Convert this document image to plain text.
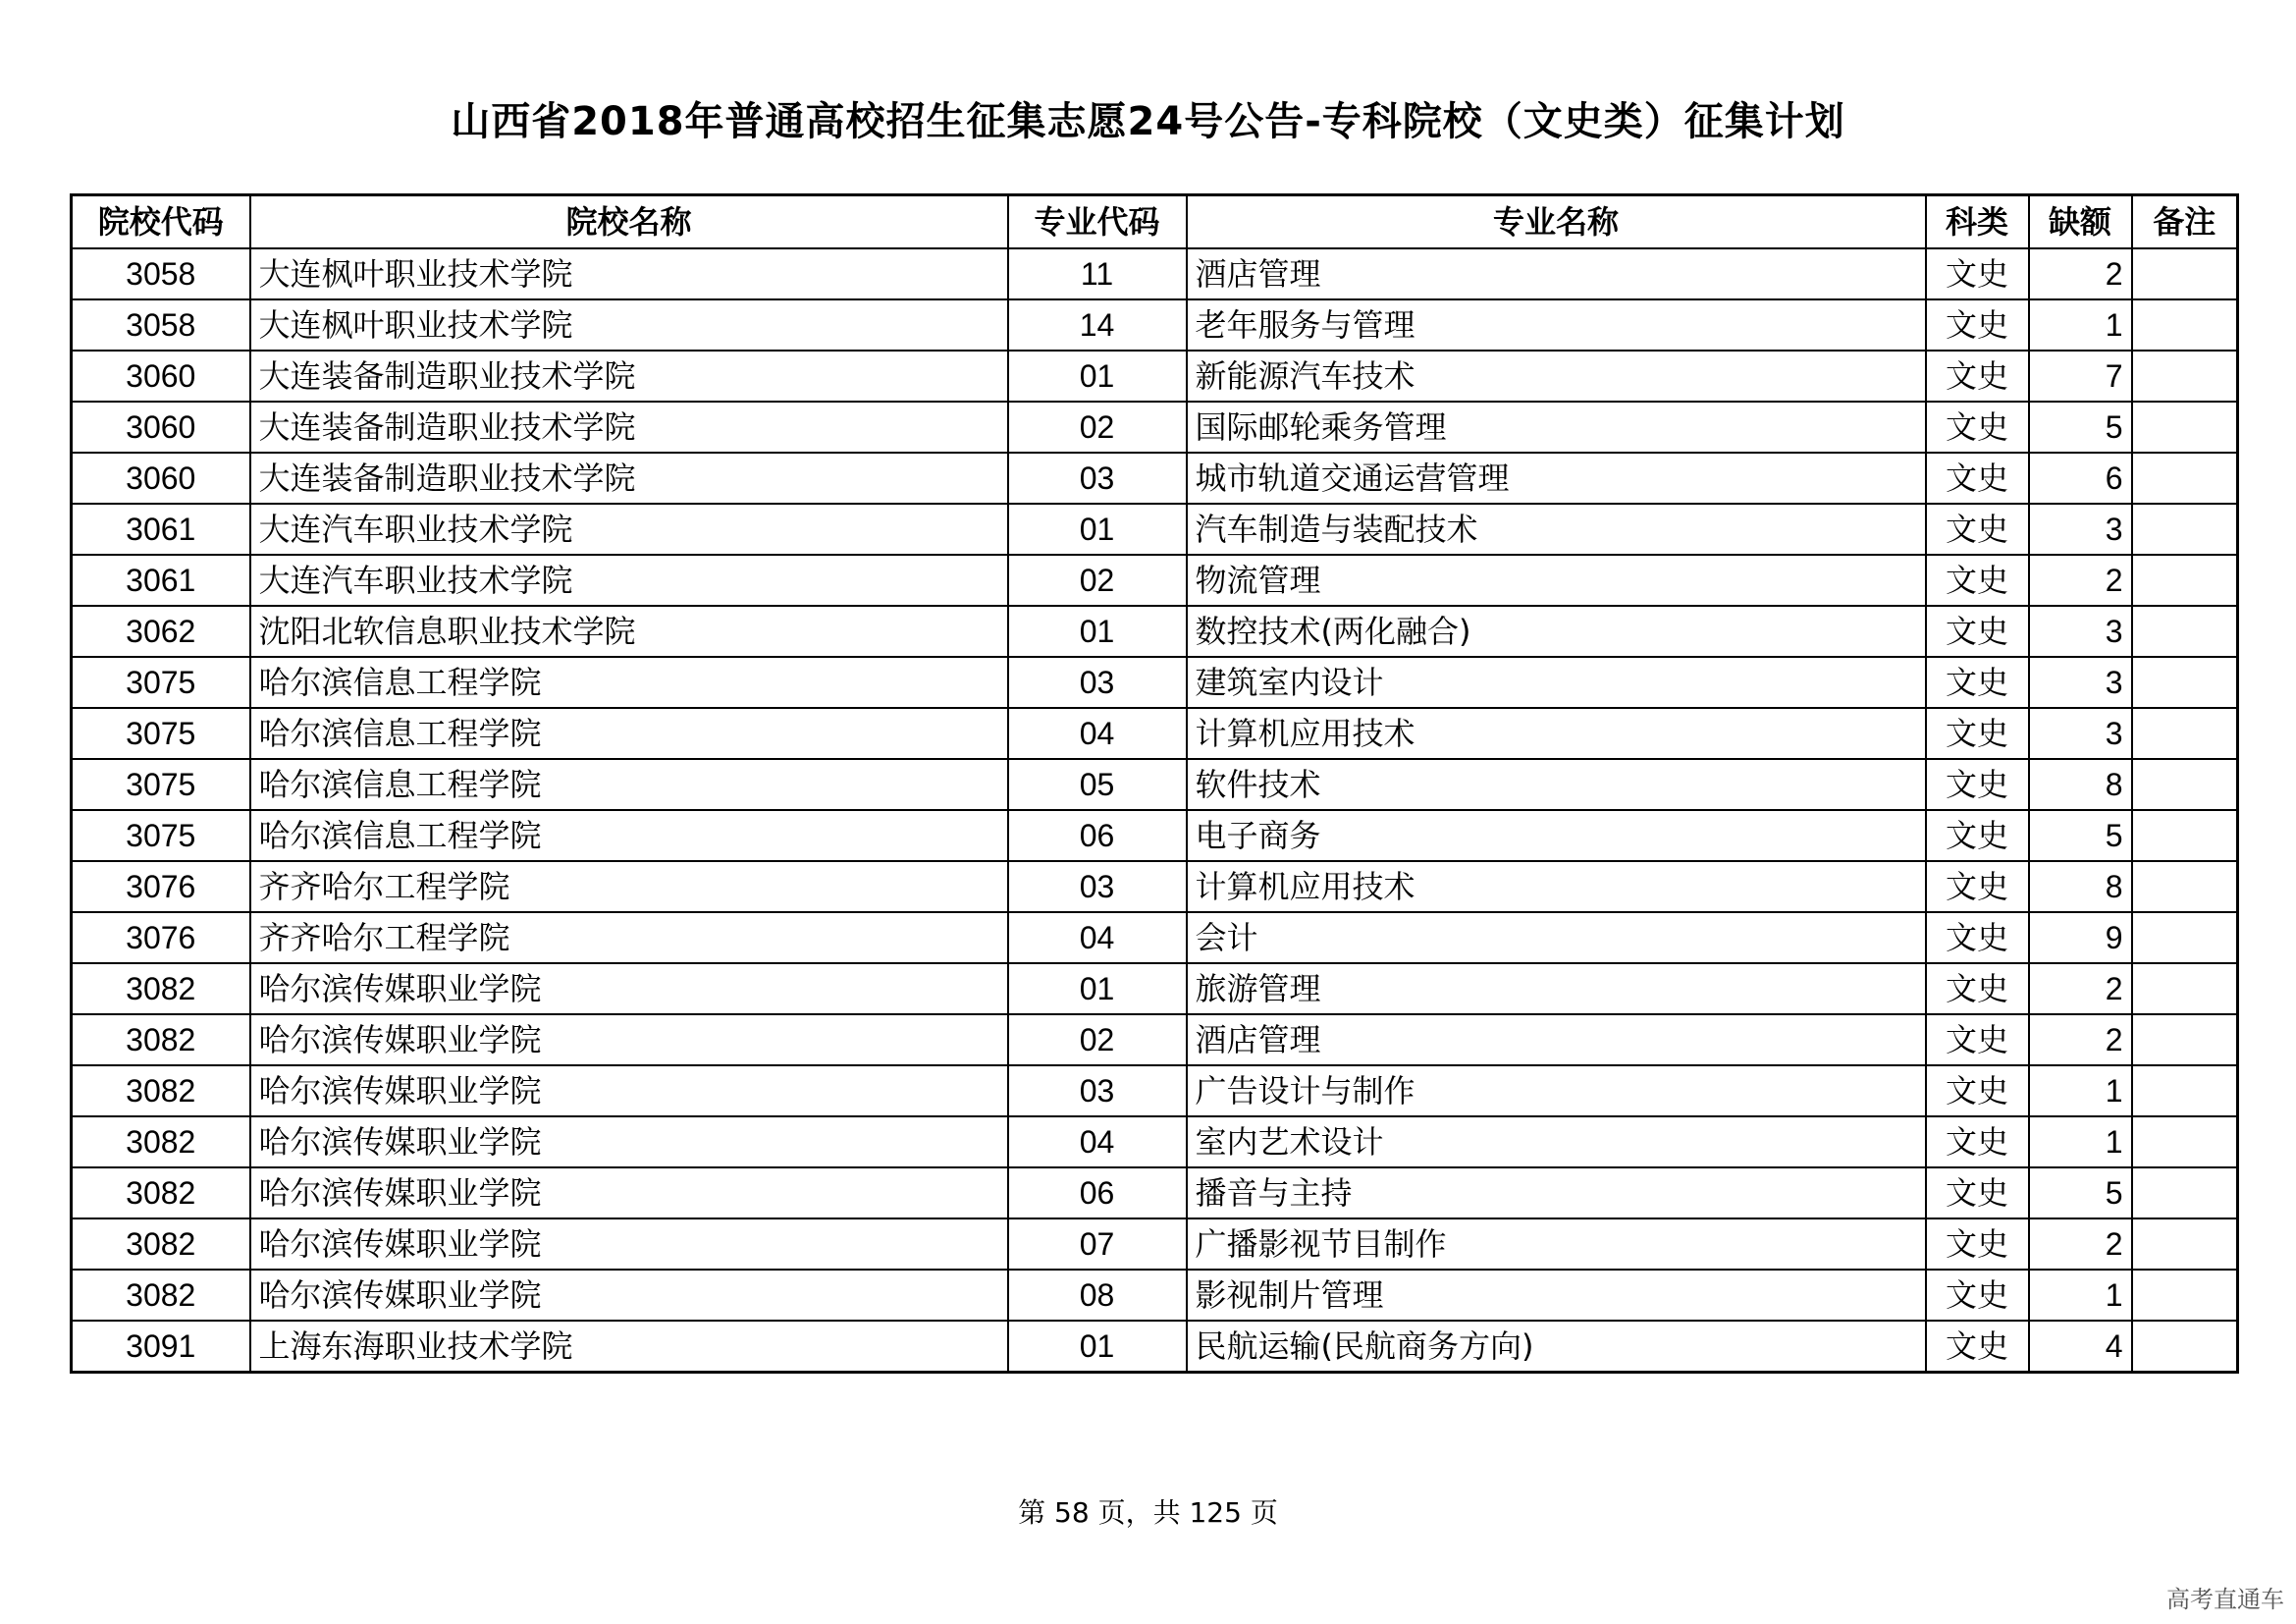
山西省2018年普通高校招生征集志愿24号公告-专科院校（文史类）征集计划
院校代码	院校名称	专业代码	专业名称	科类	缺额	备注
3058	大连枫叶职业技术学院	11	酒店管理	文史	2	
3058	大连枫叶职业技术学院	14	老年服务与管理	文史	1	
3060	大连装备制造职业技术学院	01	新能源汽车技术	文史	7	
3060	大连装备制造职业技术学院	02	国际邮轮乘务管理	文史	5	
3060	大连装备制造职业技术学院	03	城市轨道交通运营管理	文史	6	
3061	大连汽车职业技术学院	01	汽车制造与装配技术	文史	3	
3061	大连汽车职业技术学院	02	物流管理	文史	2	
3062	沈阳北软信息职业技术学院	01	数控技术(两化融合)	文史	3	
3075	哈尔滨信息工程学院	03	建筑室内设计	文史	3	
3075	哈尔滨信息工程学院	04	计算机应用技术	文史	3	
3075	哈尔滨信息工程学院	05	软件技术	文史	8	
3075	哈尔滨信息工程学院	06	电子商务	文史	5	
3076	齐齐哈尔工程学院	03	计算机应用技术	文史	8	
3076	齐齐哈尔工程学院	04	会计	文史	9	
3082	哈尔滨传媒职业学院	01	旅游管理	文史	2	
3082	哈尔滨传媒职业学院	02	酒店管理	文史	2	
3082	哈尔滨传媒职业学院	03	广告设计与制作	文史	1	
3082	哈尔滨传媒职业学院	04	室内艺术设计	文史	1	
3082	哈尔滨传媒职业学院	06	播音与主持	文史	5	
3082	哈尔滨传媒职业学院	07	广播影视节目制作	文史	2	
3082	哈尔滨传媒职业学院	08	影视制片管理	文史	1	
3091	上海东海职业技术学院	01	民航运输(民航商务方向)	文史	4	
第 58 页，共 125 页
高考直通车
